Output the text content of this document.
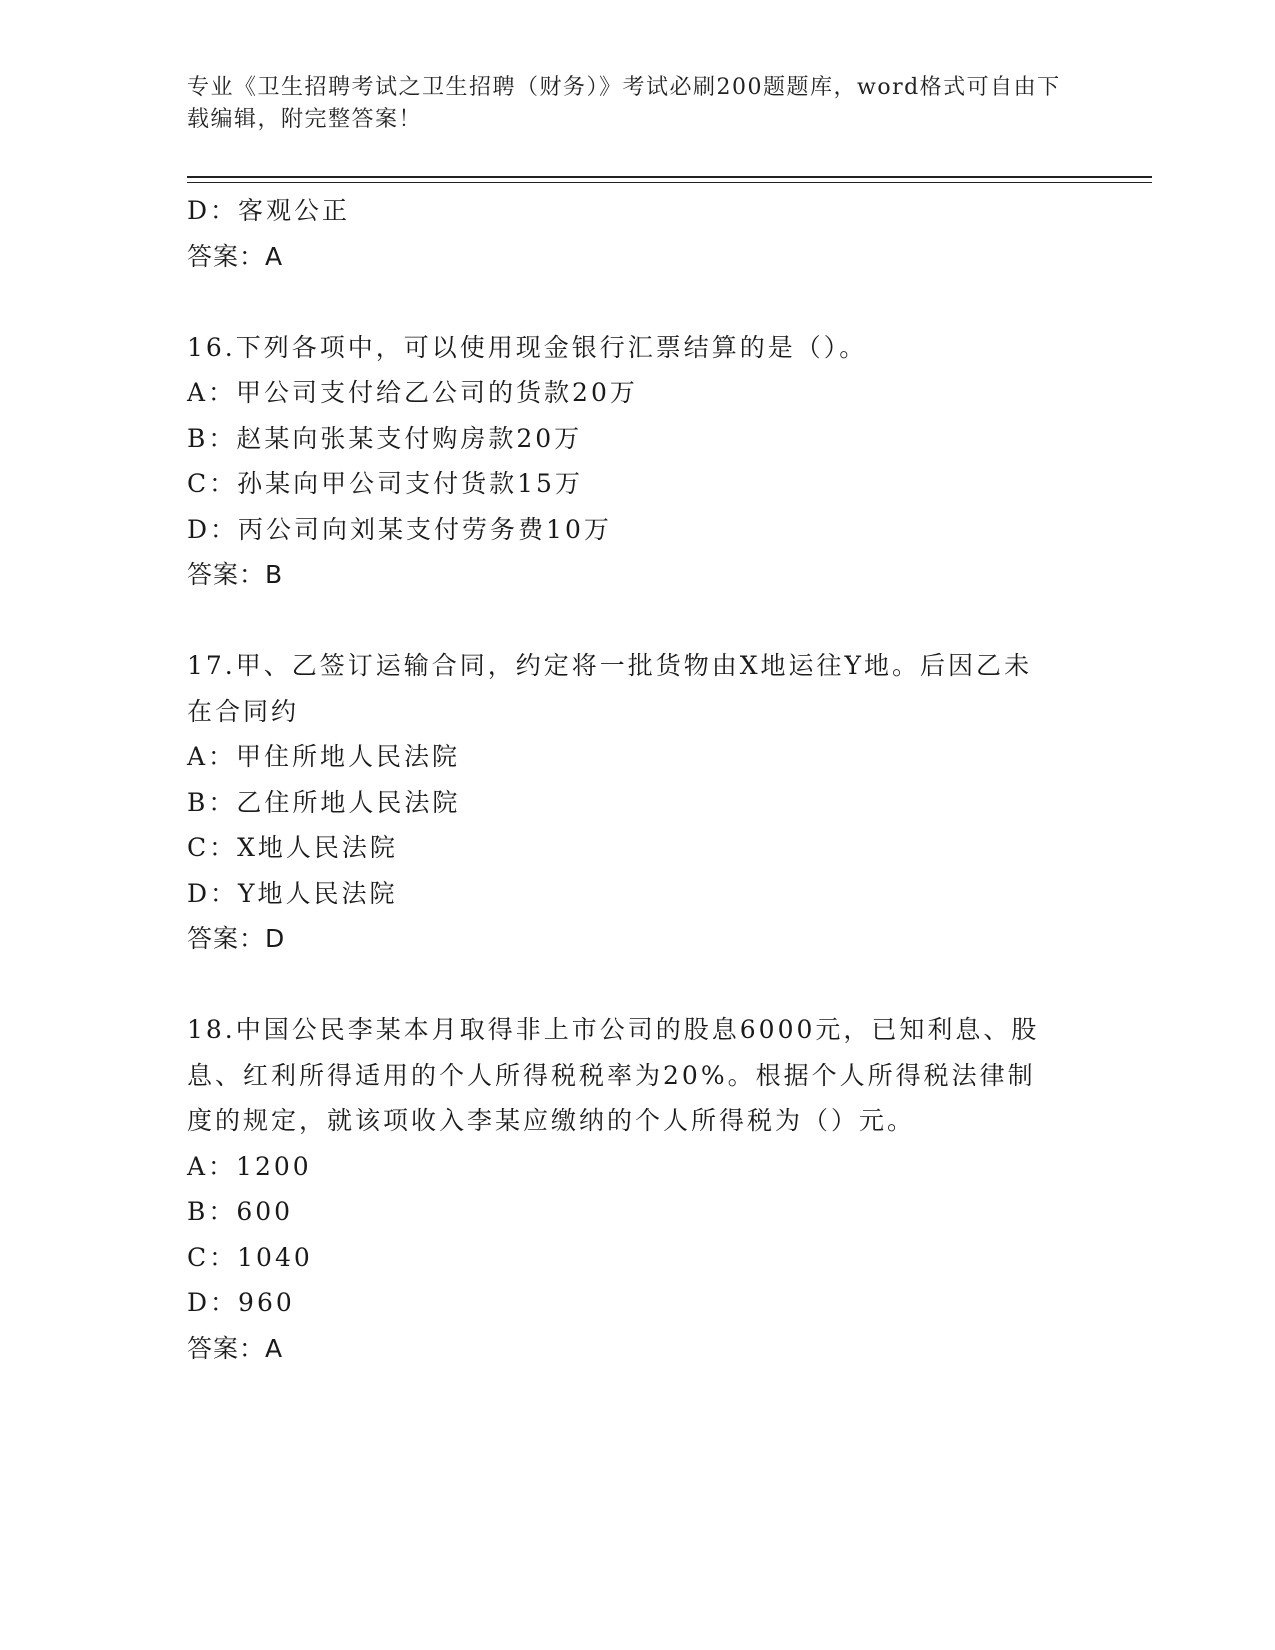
专业《卫生招聘考试之卫生招聘（财务）》考试必刷200题题库，word格式可自由下载编辑，附完整答案！
D：客观公正
答案：A
16.下列各项中，可以使用现金银行汇票结算的是（）。
A：甲公司支付给乙公司的货款20万
B：赵某向张某支付购房款20万
C：孙某向甲公司支付货款15万
D：丙公司向刘某支付劳务费10万
答案：B
17.甲、乙签订运输合同，约定将一批货物由X地运往Y地。后因乙未
在合同约
A：甲住所地人民法院
B：乙住所地人民法院
C：X地人民法院
D：Y地人民法院
答案：D
18.中国公民李某本月取得非上市公司的股息6000元，已知利息、股
息、红利所得适用的个人所得税税率为20%。根据个人所得税法律制
度的规定，就该项收入李某应缴纳的个人所得税为（）元。
A：1200
B：600
C：1040
D：960
答案：A
